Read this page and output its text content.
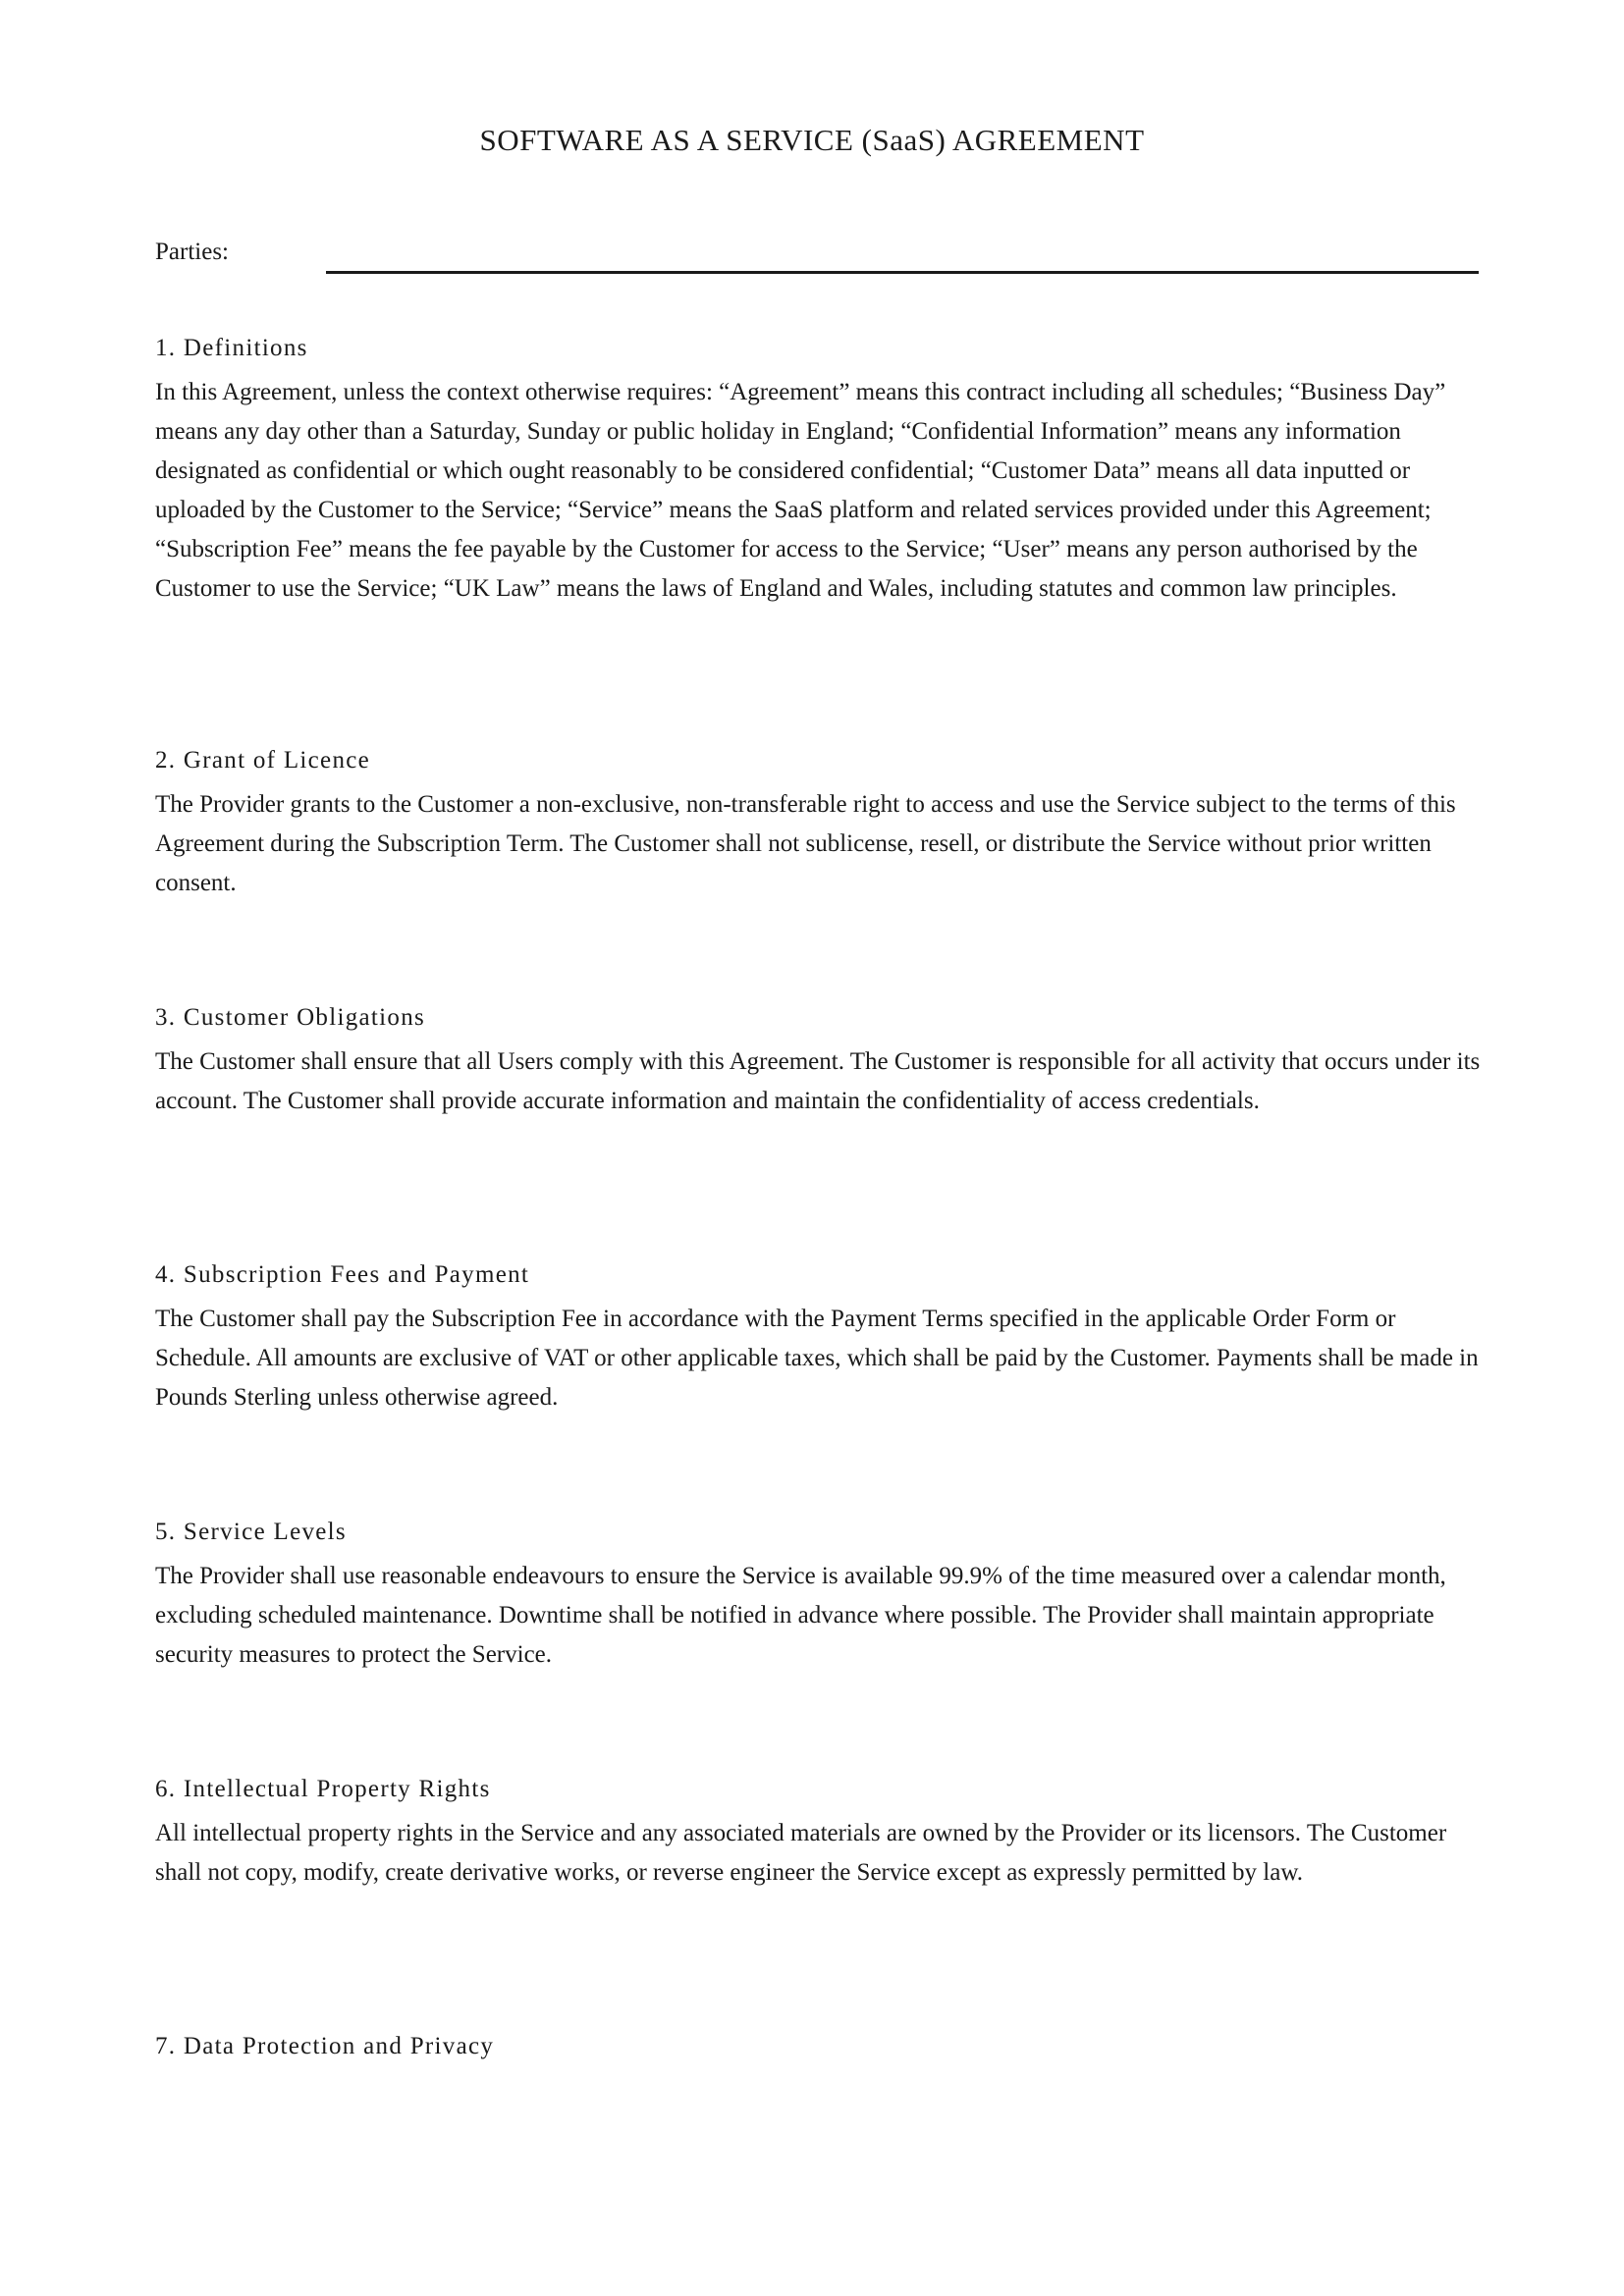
SOFTWARE AS A SERVICE (SaaS) AGREEMENT
Parties:
1. Definitions

In this Agreement, unless the context otherwise requires: “Agreement” means this contract including all schedules; “Business Day” means any day other than a Saturday, Sunday or public holiday in England; “Confidential Information” means any information designated as confidential or which ought reasonably to be considered confidential; “Customer Data” means all data inputted or uploaded by the Customer to the Service; “Service” means the SaaS platform and related services provided under this Agreement; “Subscription Fee” means the fee payable by the Customer for access to the Service; “User” means any person authorised by the Customer to use the Service; “UK Law” means the laws of England and Wales, including statutes and common law principles.

2. Grant of Licence

The Provider grants to the Customer a non-exclusive, non-transferable right to access and use the Service subject to the terms of this Agreement during the Subscription Term. The Customer shall not sublicense, resell, or distribute the Service without prior written consent.

3. Customer Obligations

The Customer shall ensure that all Users comply with this Agreement. The Customer is responsible for all activity that occurs under its account. The Customer shall provide accurate information and maintain the confidentiality of access credentials.

4. Subscription Fees and Payment

The Customer shall pay the Subscription Fee in accordance with the Payment Terms specified in the applicable Order Form or Schedule. All amounts are exclusive of VAT or other applicable taxes, which shall be paid by the Customer. Payments shall be made in Pounds Sterling unless otherwise agreed.

5. Service Levels

The Provider shall use reasonable endeavours to ensure the Service is available 99.9% of the time measured over a calendar month, excluding scheduled maintenance. Downtime shall be notified in advance where possible. The Provider shall maintain appropriate security measures to protect the Service.

6. Intellectual Property Rights

All intellectual property rights in the Service and any associated materials are owned by the Provider or its licensors. The Customer shall not copy, modify, create derivative works, or reverse engineer the Service except as expressly permitted by law.

7. Data Protection and Privacy
